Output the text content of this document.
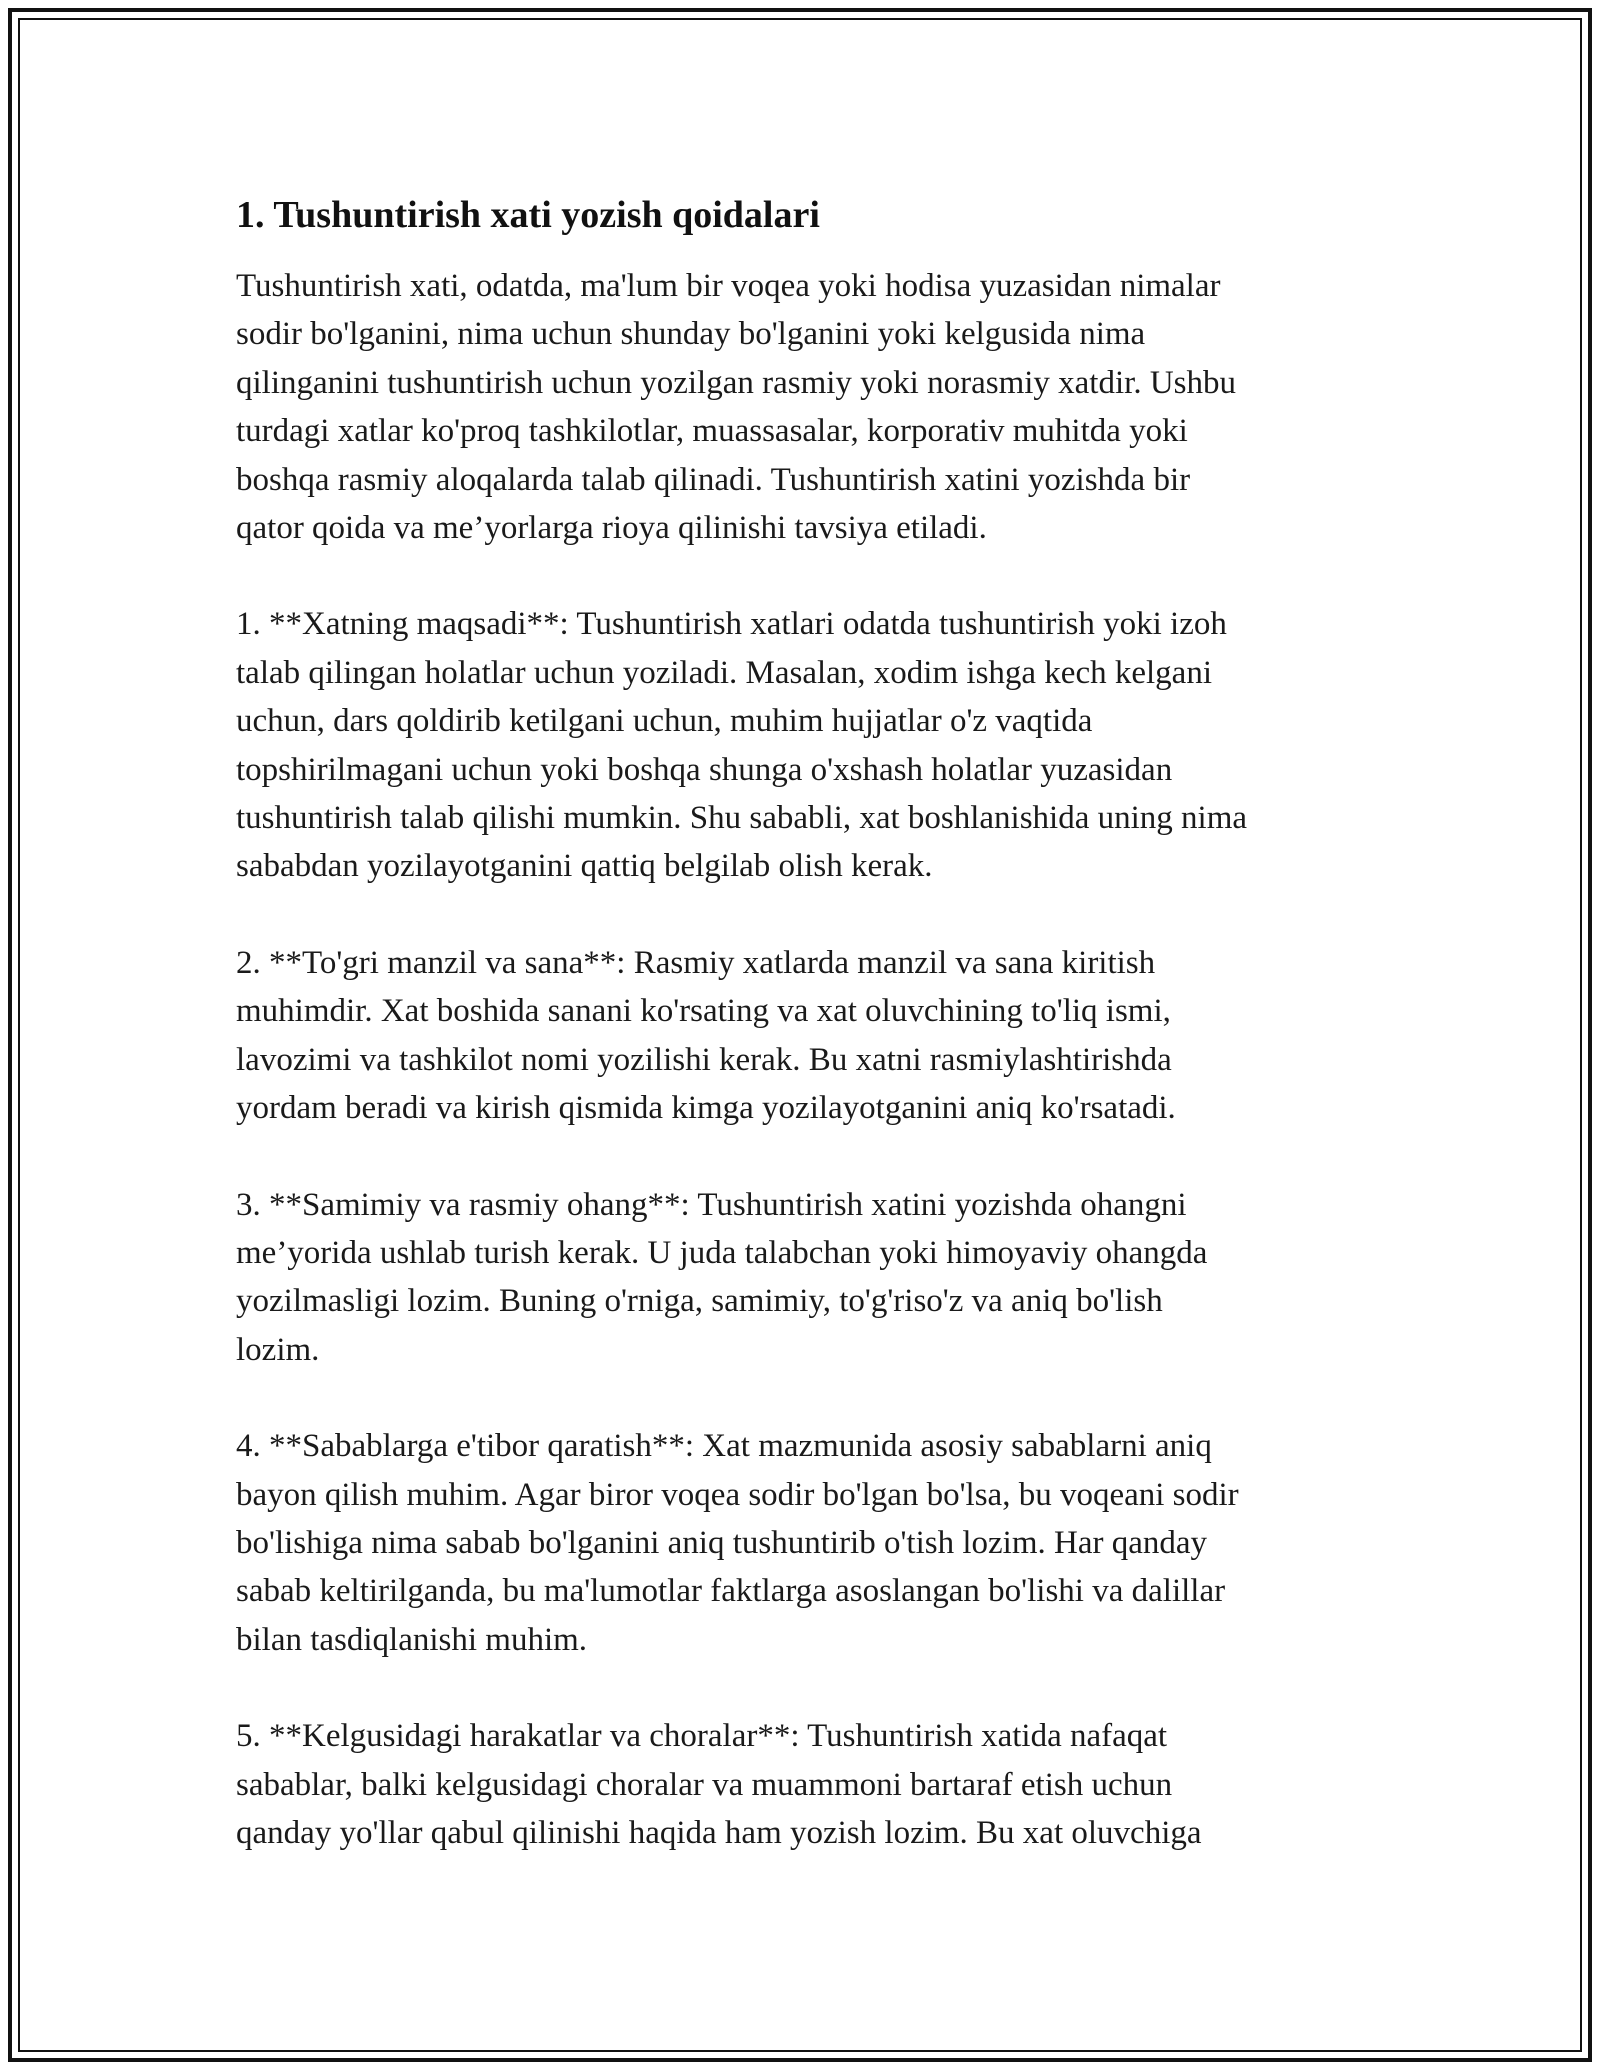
1. Tushuntirish xati yozish qoidalari

Tushuntirish xati, odatda, ma'lum bir voqea yoki hodisa yuzasidan nimalar
sodir bo'lganini, nima uchun shunday bo'lganini yoki kelgusida nima
qilinganini tushuntirish uchun yozilgan rasmiy yoki norasmiy xatdir. Ushbu
turdagi xatlar ko'proq tashkilotlar, muassasalar, korporativ muhitda yoki
boshqa rasmiy aloqalarda talab qilinadi. Tushuntirish xatini yozishda bir
qator qoida va me’yorlarga rioya qilinishi tavsiya etiladi.

1. **Xatning maqsadi**: Tushuntirish xatlari odatda tushuntirish yoki izoh
talab qilingan holatlar uchun yoziladi. Masalan, xodim ishga kech kelgani
uchun, dars qoldirib ketilgani uchun, muhim hujjatlar o'z vaqtida
topshirilmagani uchun yoki boshqa shunga o'xshash holatlar yuzasidan
tushuntirish talab qilishi mumkin. Shu sababli, xat boshlanishida uning nima
sababdan yozilayotganini qattiq belgilab olish kerak.

2. **To'gri manzil va sana**: Rasmiy xatlarda manzil va sana kiritish
muhimdir. Xat boshida sanani ko'rsating va xat oluvchining to'liq ismi,
lavozimi va tashkilot nomi yozilishi kerak. Bu xatni rasmiylashtirishda
yordam beradi va kirish qismida kimga yozilayotganini aniq ko'rsatadi.

3. **Samimiy va rasmiy ohang**: Tushuntirish xatini yozishda ohangni
me’yorida ushlab turish kerak. U juda talabchan yoki himoyaviy ohangda
yozilmasligi lozim. Buning o'rniga, samimiy, to'g'riso'z va aniq bo'lish
lozim.

4. **Sabablarga e'tibor qaratish**: Xat mazmunida asosiy sabablarni aniq
bayon qilish muhim. Agar biror voqea sodir bo'lgan bo'lsa, bu voqeani sodir
bo'lishiga nima sabab bo'lganini aniq tushuntirib o'tish lozim. Har qanday
sabab keltirilganda, bu ma'lumotlar faktlarga asoslangan bo'lishi va dalillar
bilan tasdiqlanishi muhim.

5. **Kelgusidagi harakatlar va choralar**: Tushuntirish xatida nafaqat
sabablar, balki kelgusidagi choralar va muammoni bartaraf etish uchun
qanday yo'llar qabul qilinishi haqida ham yozish lozim. Bu xat oluvchiga
